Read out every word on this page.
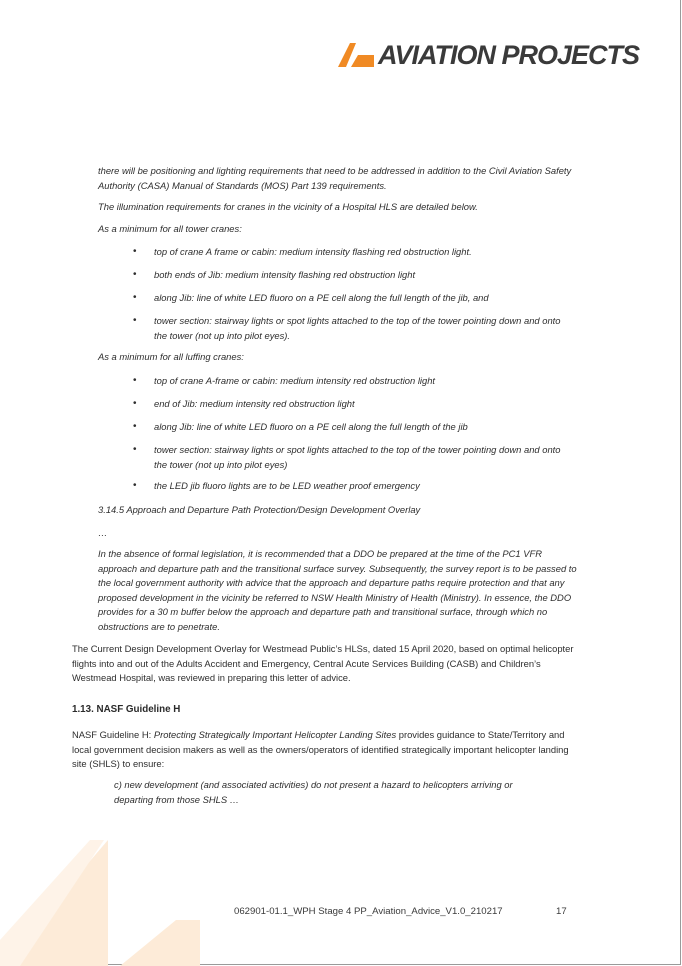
AVIATION PROJECTS
there will be positioning and lighting requirements that need to be addressed in addition to the Civil Aviation Safety Authority (CASA) Manual of Standards (MOS) Part 139 requirements.
The illumination requirements for cranes in the vicinity of a Hospital HLS are detailed below.
As a minimum for all tower cranes:
• top of crane A frame or cabin: medium intensity flashing red obstruction light.
• both ends of Jib: medium intensity flashing red obstruction light
• along Jib: line of white LED fluoro on a PE cell along the full length of the jib, and
• tower section: stairway lights or spot lights attached to the top of the tower pointing down and onto the tower (not up into pilot eyes).
As a minimum for all luffing cranes:
• top of crane A-frame or cabin: medium intensity red obstruction light
• end of Jib: medium intensity red obstruction light
• along Jib: line of white LED fluoro on a PE cell along the full length of the jib
• tower section: stairway lights or spot lights attached to the top of the tower pointing down and onto the tower (not up into pilot eyes)
• the LED jib fluoro lights are to be LED weather proof emergency
3.14.5 Approach and Departure Path Protection/Design Development Overlay
…
In the absence of formal legislation, it is recommended that a DDO be prepared at the time of the PC1 VFR approach and departure path and the transitional surface survey. Subsequently, the survey report is to be passed to the local government authority with advice that the approach and departure paths require protection and that any proposed development in the vicinity be referred to NSW Health Ministry of Health (Ministry). In essence, the DDO provides for a 30 m buffer below the approach and departure path and transitional surface, through which no obstructions are to penetrate.
The Current Design Development Overlay for Westmead Public’s HLSs, dated 15 April 2020, based on optimal helicopter flights into and out of the Adults Accident and Emergency, Central Acute Services Building (CASB) and Children’s Westmead Hospital, was reviewed in preparing this letter of advice.
1.13. NASF Guideline H
NASF Guideline H: Protecting Strategically Important Helicopter Landing Sites provides guidance to State/Territory and local government decision makers as well as the owners/operators of identified strategically important helicopter landing site (SHLS) to ensure:
c) new development (and associated activities) do not present a hazard to helicopters arriving or departing from those SHLS …
062901-01.1_WPH Stage 4 PP_Aviation_Advice_V1.0_210217	17
